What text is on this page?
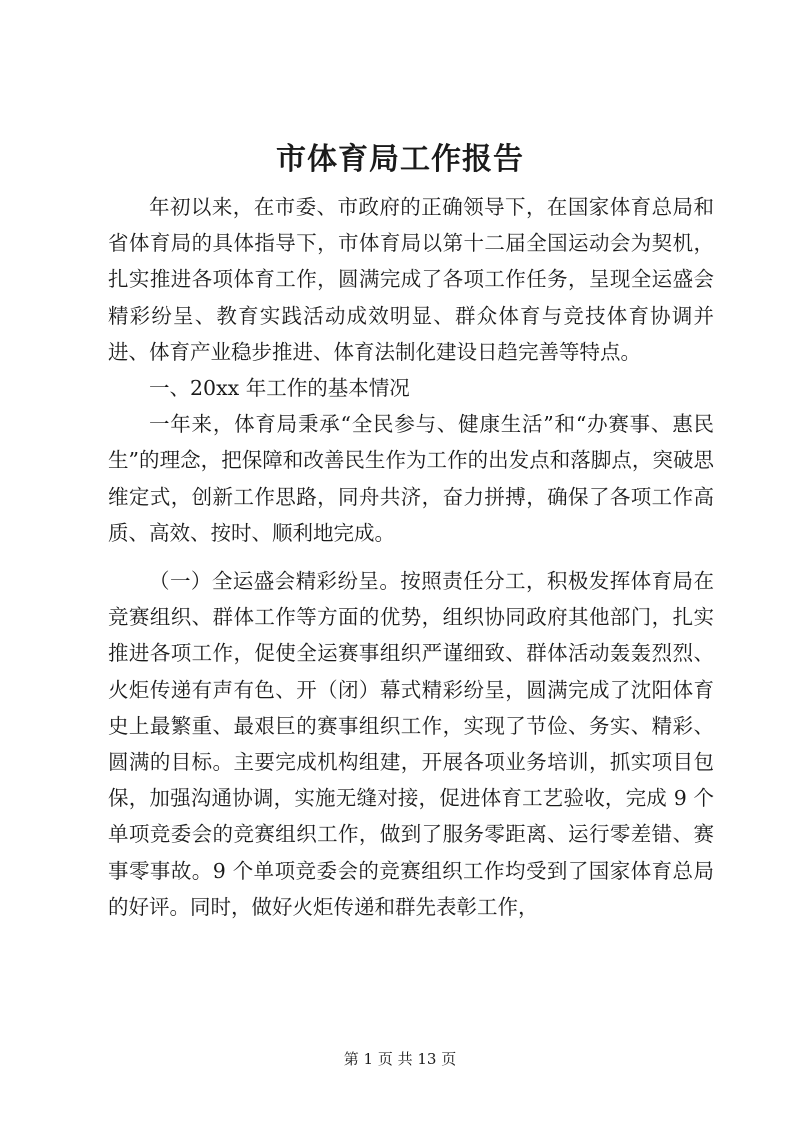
市体育局工作报告

年初以来，在市委、市政府的正确领导下，在国家体育总局和省体育局的具体指导下，市体育局以第十二届全国运动会为契机，扎实推进各项体育工作，圆满完成了各项工作任务，呈现全运盛会精彩纷呈、教育实践活动成效明显、群众体育与竞技体育协调并进、体育产业稳步推进、体育法制化建设日趋完善等特点。

一、20xx 年工作的基本情况

一年来，体育局秉承“全民参与、健康生活”和“办赛事、惠民生”的理念，把保障和改善民生作为工作的出发点和落脚点，突破思维定式，创新工作思路，同舟共济，奋力拼搏，确保了各项工作高质、高效、按时、顺利地完成。

（一）全运盛会精彩纷呈。按照责任分工，积极发挥体育局在竞赛组织、群体工作等方面的优势，组织协同政府其他部门，扎实推进各项工作，促使全运赛事组织严谨细致、群体活动轰轰烈烈、火炬传递有声有色、开（闭）幕式精彩纷呈，圆满完成了沈阳体育史上最繁重、最艰巨的赛事组织工作，实现了节俭、务实、精彩、圆满的目标。主要完成机构组建，开展各项业务培训，抓实项目包保，加强沟通协调，实施无缝对接，促进体育工艺验收，完成 9 个单项竞委会的竞赛组织工作，做到了服务零距离、运行零差错、赛事零事故。9 个单项竞委会的竞赛组织工作均受到了国家体育总局的好评。同时，做好火炬传递和群先表彰工作，

第 1 页 共 13 页
